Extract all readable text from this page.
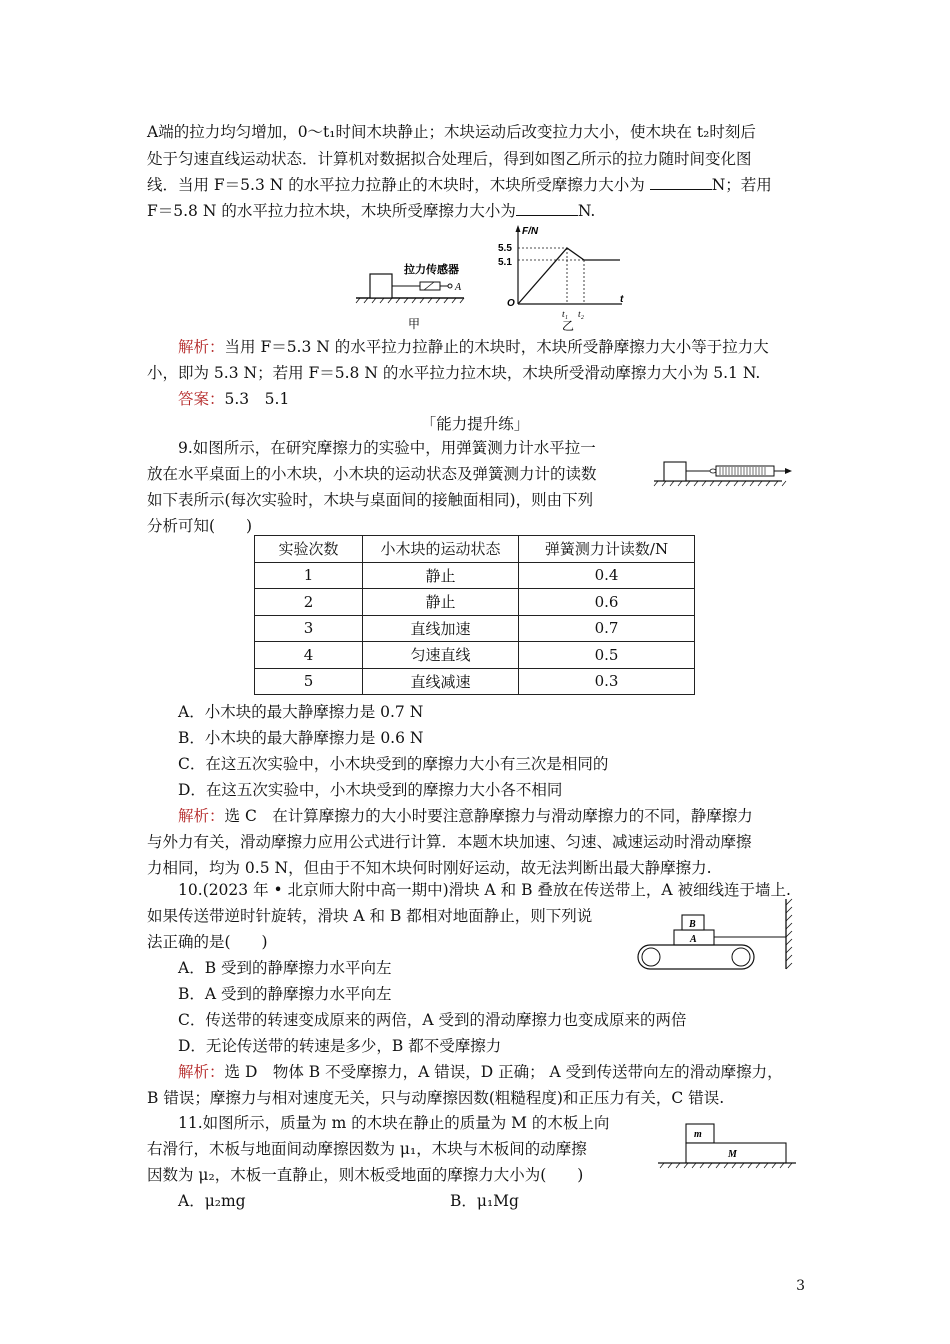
A端的拉力均匀增加，0～t₁时间木块静止；木块运动后改变拉力大小，使木块在 t₂时刻后
处于匀速直线运动状态．计算机对数据拟合处理后，得到如图乙所示的拉力随时间变化图
线．当用 F＝5.3 N 的水平拉力拉静止的木块时，木块所受摩擦力大小为	N；若用
F＝5.8 N 的水平拉力拉木块，木块所受摩擦力大小为	N.
拉力传感器
A
甲
F/N
t
O
5.5
5.1
t₁ t₂
乙
解析：当用 F＝5.3 N 的水平拉力拉静止的木块时，木块所受静摩擦力大小等于拉力大
小，即为 5.3 N；若用 F＝5.8 N 的水平拉力拉木块，木块所受滑动摩擦力大小为 5.1 N.
答案：5.3　5.1
「能力提升练」
9.如图所示，在研究摩擦力的实验中，用弹簧测力计水平拉一
放在水平桌面上的小木块，小木块的运动状态及弹簧测力计的读数
如下表所示(每次实验时，木块与桌面间的接触面相同)，则由下列
分析可知(　　)
实验次数	小木块的运动状态	弹簧测力计读数/N
1	静止	0.4
2	静止	0.6
3	直线加速	0.7
4	匀速直线	0.5
5	直线减速	0.3
A．小木块的最大静摩擦力是 0.7 N
B．小木块的最大静摩擦力是 0.6 N
C．在这五次实验中，小木块受到的摩擦力大小有三次是相同的
D．在这五次实验中，小木块受到的摩擦力大小各不相同
解析：选 C　在计算摩擦力的大小时要注意静摩擦力与滑动摩擦力的不同，静摩擦力
与外力有关，滑动摩擦力应用公式进行计算．本题木块加速、匀速、减速运动时滑动摩擦
力相同，均为 0.5 N，但由于不知木块何时刚好运动，故无法判断出最大静摩擦力.
10.(2023 年 • 北京师大附中高一期中)滑块 A 和 B 叠放在传送带上，A 被细线连于墙上.
如果传送带逆时针旋转，滑块 A 和 B 都相对地面静止，则下列说
法正确的是(　　)
B
A
A．B 受到的静摩擦力水平向左
B．A 受到的静摩擦力水平向左
C．传送带的转速变成原来的两倍，A 受到的滑动摩擦力也变成原来的两倍
D．无论传送带的转速是多少，B 都不受摩擦力
解析：选 D　物体 B 不受摩擦力，A 错误，D 正确； A 受到传送带向左的滑动摩擦力，
B 错误；摩擦力与相对速度无关，只与动摩擦因数(粗糙程度)和正压力有关，C 错误.
11.如图所示，质量为 m 的木块在静止的质量为 M 的木板上向
右滑行，木板与地面间动摩擦因数为 μ₁，木块与木板间的动摩擦
因数为 μ₂，木板一直静止，则木板受地面的摩擦力大小为(　　)
m
M
A．μ₂mg	B．μ₁Mg
3
